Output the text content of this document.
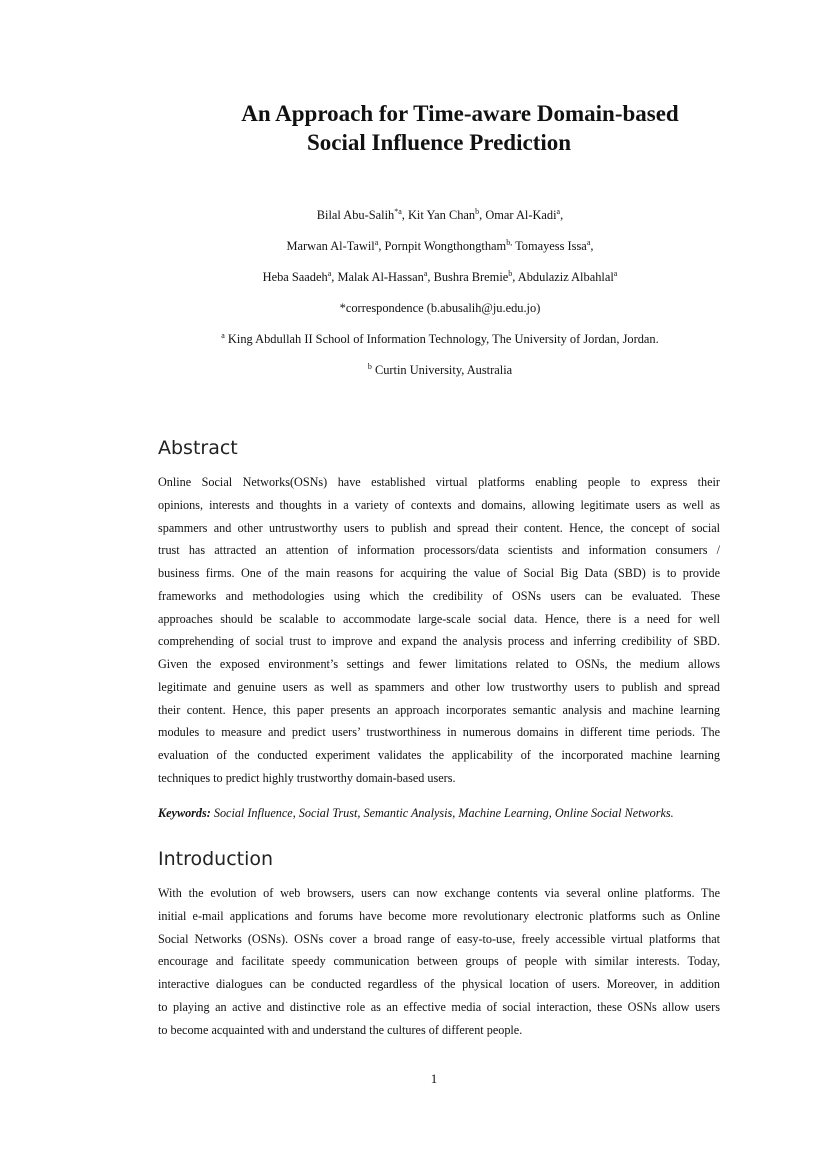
An Approach for Time-aware Domain-based
Social Influence Prediction
Bilal Abu-Salih$^{*a}$, Kit Yan Chan$^b$, Omar Al-Kadi$^a$,
Marwan Al-Tawil$^a$, Pornpit Wongthongtham$^{b,}$ Tomayess Issa$^a$,
Heba Saadeh$^a$, Malak Al-Hassan$^a$, Bushra Bremie$^b$, Abdulaziz Albahlal$^a$
*correspondence (b.abusalih@ju.edu.jo)
$^a$ King Abdullah II School of Information Technology, The University of Jordan, Jordan.
$^b$ Curtin University, Australia
Abstract

Online Social Networks(OSNs) have established virtual platforms enabling people to express their
opinions, interests and thoughts in a variety of contexts and domains, allowing legitimate users as well as
spammers and other untrustworthy users to publish and spread their content. Hence, the concept of social
trust has attracted an attention of information processors/data scientists and information consumers /
business firms. One of the main reasons for acquiring the value of Social Big Data (SBD) is to provide
frameworks and methodologies using which the credibility of OSNs users can be evaluated. These
approaches should be scalable to accommodate large-scale social data. Hence, there is a need for well
comprehending of social trust to improve and expand the analysis process and inferring credibility of SBD.
Given the exposed environment’s settings and fewer limitations related to OSNs, the medium allows
legitimate and genuine users as well as spammers and other low trustworthy users to publish and spread
their content. Hence, this paper presents an approach incorporates semantic analysis and machine learning
modules to measure and predict users’ trustworthiness in numerous domains in different time periods. The
evaluation of the conducted experiment validates the applicability of the incorporated machine learning
techniques to predict highly trustworthy domain-based users.

Keywords: Social Influence, Social Trust, Semantic Analysis, Machine Learning, Online Social Networks.

Introduction

With the evolution of web browsers, users can now exchange contents via several online platforms. The
initial e-mail applications and forums have become more revolutionary electronic platforms such as Online
Social Networks (OSNs). OSNs cover a broad range of easy-to-use, freely accessible virtual platforms that
encourage and facilitate speedy communication between groups of people with similar interests. Today,
interactive dialogues can be conducted regardless of the physical location of users. Moreover, in addition
to playing an active and distinctive role as an effective media of social interaction, these OSNs allow users
to become acquainted with and understand the cultures of different people.

1
